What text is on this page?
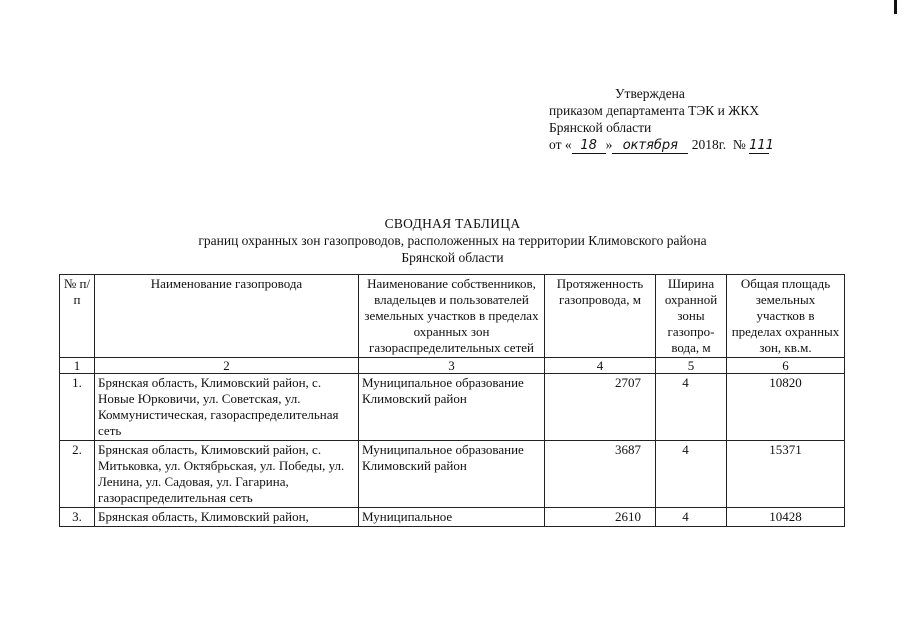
Утверждена
приказом департамента ТЭК и ЖКХ
Брянской области
от « 18 » октября 2018г. № 111
СВОДНАЯ ТАБЛИЦА
границ охранных зон газопроводов, расположенных на территории Климовского района
Брянской области
№ п/п	Наименование газопровода	Наименование собственников, владельцев и пользователей земельных участков в пределах охранных зон газораспределительных сетей	Протяженность газопровода, м	Ширина охранной зоны газопро-вода, м	Общая площадь земельных участков в пределах охранных зон, кв.м.
1	2	3	4	5	6
1.	Брянская область, Климовский район, с. Новые Юрковичи, ул. Советская, ул. Коммунистическая, газораспределительная сеть	Муниципальное образование Климовский район	2707	4	10820
2.	Брянская область, Климовский район, с. Митьковка, ул. Октябрьская, ул. Победы, ул. Ленина, ул. Садовая, ул. Гагарина, газораспределительная сеть	Муниципальное образование Климовский район	3687	4	15371
3.	Брянская область, Климовский район,	Муниципальное	2610	4	10428
